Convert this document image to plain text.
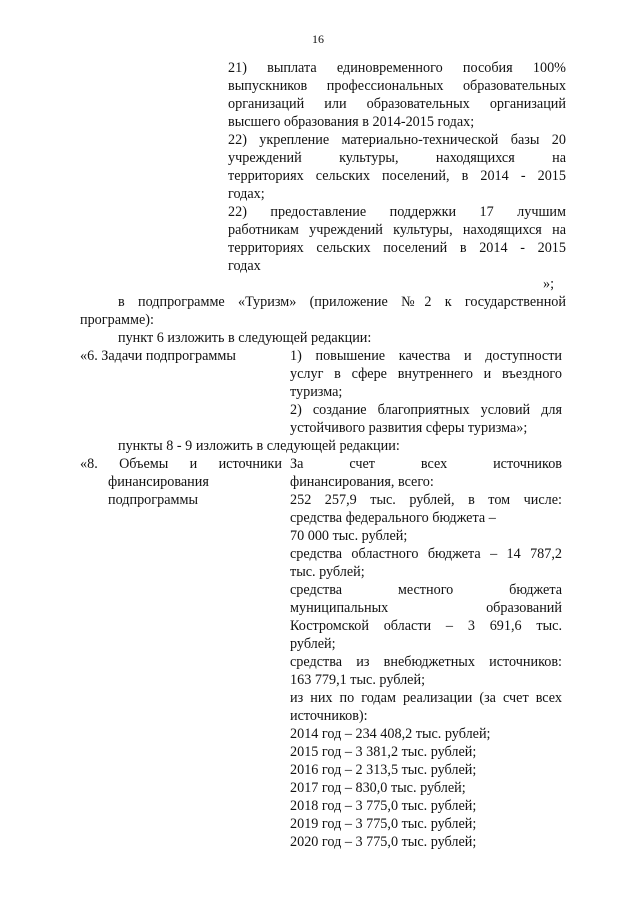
16
21) выплата единовременного пособия 100%
выпускников профессиональных образовательных
организаций или образовательных организаций
высшего образования в 2014-2015 годах;
22) укрепление материально-технической базы 20
учреждений культуры, находящихся на
территориях сельских поселений, в 2014 - 2015
годах;
22) предоставление поддержки 17 лучшим
работникам учреждений культуры, находящихся на
территориях сельских поселений в 2014 - 2015
годах
»;
в подпрограмме «Туризм» (приложение №2 к государственной
программе):
пункт 6 изложить в следующей редакции:
«6. Задачи подпрограммы	1) повышение качества и доступности
услуг в сфере внутреннего и въездного
туризма;
2) создание благоприятных условий для
устойчивого развития сферы туризма»;
пункты 8 - 9 изложить в следующей редакции:
«8. Объемы и источники
финансирования
подпрограммы
За счет всех источников
финансирования, всего:
252 257,9 тыс. рублей, в том числе:
средства федерального бюджета –
70 000 тыс. рублей;
средства областного бюджета – 14 787,2
тыс. рублей;
средства местного бюджета
муниципальных образований
Костромской области – 3 691,6 тыс.
рублей;
средства из внебюджетных источников:
163 779,1 тыс. рублей;
из них по годам реализации (за счет всех
источников):
2014 год – 234 408,2 тыс. рублей;
2015 год – 3 381,2 тыс. рублей;
2016 год – 2 313,5 тыс. рублей;
2017 год – 830,0 тыс. рублей;
2018 год – 3 775,0 тыс. рублей;
2019 год – 3 775,0 тыс. рублей;
2020 год – 3 775,0 тыс. рублей;
